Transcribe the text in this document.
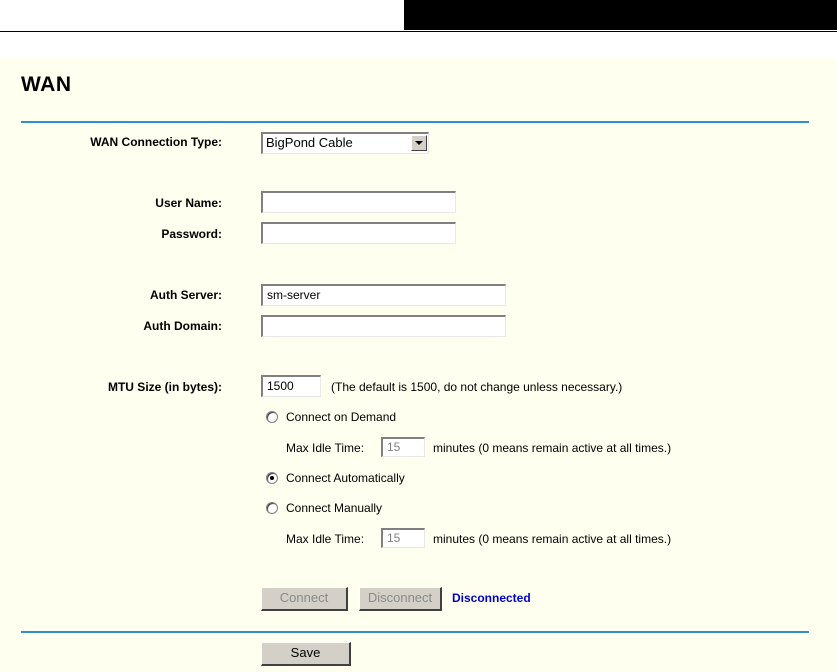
WAN
WAN Connection Type:	BigPond Cable
User Name:
Password:
Auth Server:	sm-server
Auth Domain:
MTU Size (in bytes):	1500	(The default is 1500, do not change unless necessary.)
Connect on Demand
Max Idle Time:	15	minutes (0 means remain active at all times.)
Connect Automatically
Connect Manually
Max Idle Time:	15	minutes (0 means remain active at all times.)
Connect	Disconnect	Disconnected
Save
